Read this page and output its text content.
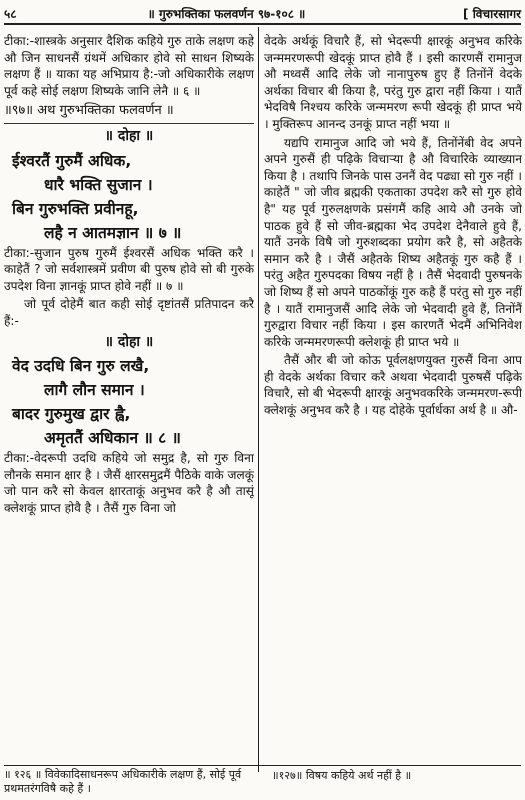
५८	॥ गुरुभक्तिका फलवर्णन ९७-१०८ ॥	[ विचारसागर

टीका:-शास्त्रके अनुसार दैशिक कहिये गुरु ताके लक्षण कहे औ जिन साधनसैं ग्रंथमें अधिकार होवे सो साधन शिष्यके लक्षण हैं ॥ याका यह अभिप्राय है:-जो अधिकारीके लक्षण पूर्व कहे सोई लक्षण शिष्यके जानि लेनै ॥ ६ ॥

॥९७॥ अथ गुरुभक्तिका फलवर्णन ॥
॥ दोहा ॥
ईश्वरतैं गुरुमैं अधिक,
धारै भक्ति सुजान ।
बिन गुरुभक्ति प्रवीनहू,
लहै न आतमज्ञान ॥ ७ ॥

टीका:-सुजान पुरुष गुरुमैं ईश्वरसैं अधिक भक्ति करै । काहेतैं ? जो सर्वशास्त्रमें प्रवीण बी पुरुष होवे सो बी गुरुके उपदेश विना ज्ञानकूं प्राप्त होवे नहीं ॥ ७ ॥

जो पूर्व दोहेमैं बात कही सोई दृष्टांतसैं प्रतिपादन करै हैं:-

॥ दोहा ॥
वेद उदधि बिन गुरु लखै,
लागै लौन समान ।
बादर गुरुमुख द्वार ह्वै,
अमृततैं अधिकान ॥ ८ ॥

टीका:-वेदरूपी उदधि कहिये जो समुद्र है, सो गुरु विना लौनके समान क्षार है । जैसैं क्षारसमुद्रमैं पैठिके वाके जलकूं जो पान करै सो केवल क्षारताकूं अनुभव करै है औ तासूं क्लेशकूं प्राप्त होवै है । तैसैं गुरु विना जो

वेदके अर्थकूं विचारै हैं, सो भेदरूपी क्षारकूं अनुभव करिके जन्ममरणरूपी खेदकूं प्राप्त होवै हैं । इसी कारणसैं रामानुज औ मध्वसैं आदि लेके जो नानापुरुष हुए हैं तिनोंनें वेदके अर्थका विचार बी किया है, परंतु गुरु द्वारा नहीं किया । यातैं भेदविषै निश्चय करिके जन्ममरण रूपी खेदकूं ही प्राप्त भये । मुक्तिरूप आनन्द उनकूं प्राप्त नहीं भया ॥

यद्यपि रामानुज आदि जो भये हैं, तिनोंनेंबी वेद अपने अपने गुरुसैं ही पढ़िके विचाऱ्या है औ विचारिके व्याख्यान किया है । तथापि जिनके पास उननैं वेद पढ्या सो गुरु नहीं । काहेतैं " जो जीव ब्रह्मकी एकताका उपदेश करै सो गुरु होवे है" यह पूर्व गुरुलक्षणके प्रसंगमैं कहि आये औ उनके जो पाठक हुवे हैं सो जीव-ब्रह्मका भेद उपदेश देनैवाले हुवे हैं, यातैं उनके विषै जो गुरुशब्दका प्रयोग करै है, सो अहैतके समान करै है । जैसैं अहैतके शिष्य अहैतकूं गुरु कहै हैं । परंतु अहैत गुरुपदका विषय नहीं है । तैसैं भेदवादी पुरुषनके जो शिष्य हैं सो अपने पाठकोंकूं गुरु कहै हैं परंतु सो गुरु नहीं है । यातैं रामानुजसैं आदि लेके जो भेदवादी हुवे हैं, तिनोंनैं गुरुद्वारा विचार नहीं किया । इस कारणतैं भेदमैं अभिनिवेश करिके जन्ममरणरूपी क्लेशकूं ही प्राप्त भये ॥

तैसैं और बी जो कोऊ पूर्वलक्षणयुक्त गुरुसैं विना आप ही वेदके अर्थका विचार करै अथवा भेदवादी पुरुषसैं पढ़िके विचारै, सो बी भेदरूपी क्षारकूं अनुभवकरिके जन्ममरण-रूपी क्लेशकूं अनुभव करै है । यह दोहेके पूर्वार्धका अर्थ है ॥ औ-

॥ १२६ ॥ विवेकादिसाधनरूप अधिकारीके लक्षण हैं, सोई पूर्व प्रथमतरंगविषै कहे हैं ।
॥१२७॥ विषय कहिये अर्थ नहीं है ॥
